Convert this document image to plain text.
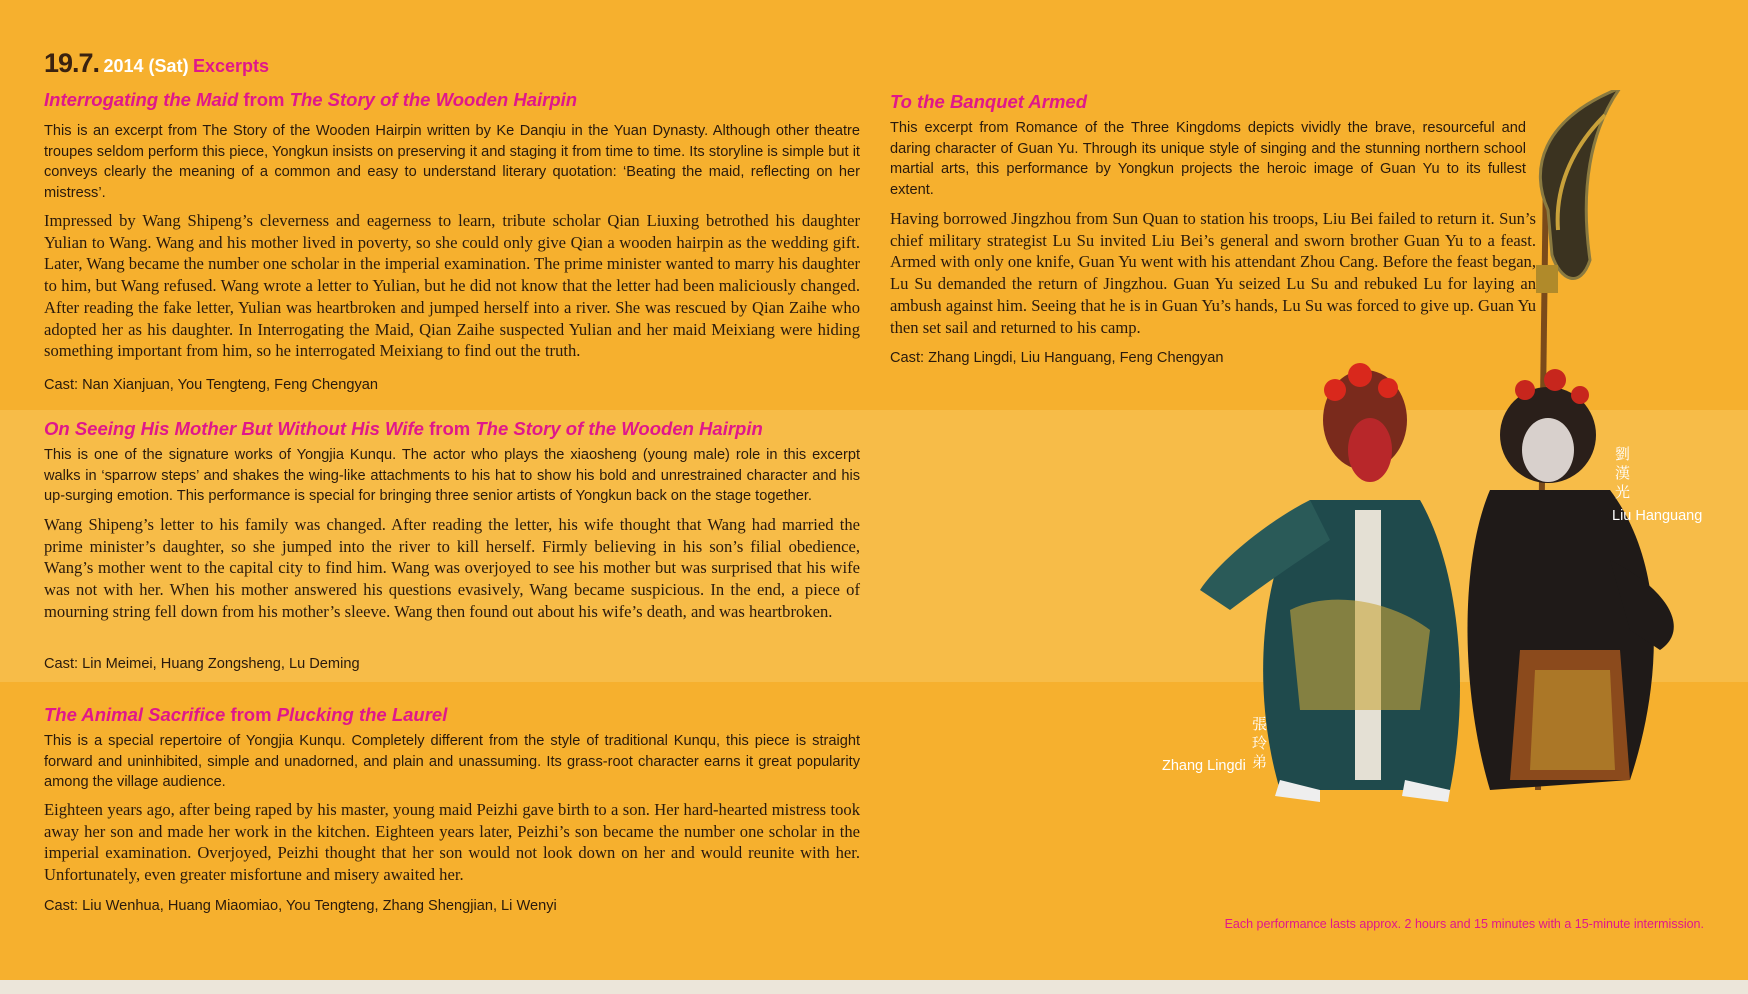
19.7. 2014 (Sat) Excerpts
Interrogating the Maid from The Story of the Wooden Hairpin
This is an excerpt from The Story of the Wooden Hairpin written by Ke Danqiu in the Yuan Dynasty. Although other theatre troupes seldom perform this piece, Yongkun insists on preserving it and staging it from time to time. Its storyline is simple but it conveys clearly the meaning of a common and easy to understand literary quotation: ‘Beating the maid, reflecting on her mistress’.
Impressed by Wang Shipeng’s cleverness and eagerness to learn, tribute scholar Qian Liuxing betrothed his daughter Yulian to Wang. Wang and his mother lived in poverty, so she could only give Qian a wooden hairpin as the wedding gift. Later, Wang became the number one scholar in the imperial examination. The prime minister wanted to marry his daughter to him, but Wang refused. Wang wrote a letter to Yulian, but he did not know that the letter had been maliciously changed. After reading the fake letter, Yulian was heartbroken and jumped herself into a river. She was rescued by Qian Zaihe who adopted her as his daughter. In Interrogating the Maid, Qian Zaihe suspected Yulian and her maid Meixiang were hiding something important from him, so he interrogated Meixiang to find out the truth.
Cast: Nan Xianjuan, You Tengteng, Feng Chengyan
On Seeing His Mother But Without His Wife from The Story of the Wooden Hairpin
This is one of the signature works of Yongjia Kunqu. The actor who plays the xiaosheng (young male) role in this excerpt walks in ‘sparrow steps’ and shakes the wing-like attachments to his hat to show his bold and unrestrained character and his up-surging emotion. This performance is special for bringing three senior artists of Yongkun back on the stage together.
Wang Shipeng’s letter to his family was changed. After reading the letter, his wife thought that Wang had married the prime minister’s daughter, so she jumped into the river to kill herself. Firmly believing in his son’s filial obedience, Wang’s mother went to the capital city to find him. Wang was overjoyed to see his mother but was surprised that his wife was not with her. When his mother answered his questions evasively, Wang became suspicious. In the end, a piece of mourning string fell down from his mother’s sleeve. Wang then found out about his wife’s death, and was heartbroken.
Cast: Lin Meimei, Huang Zongsheng, Lu Deming
The Animal Sacrifice from Plucking the Laurel
This is a special repertoire of Yongjia Kunqu. Completely different from the style of traditional Kunqu, this piece is straight forward and uninhibited, simple and unadorned, and plain and unassuming. Its grass-root character earns it great popularity among the village audience.
Eighteen years ago, after being raped by his master, young maid Peizhi gave birth to a son. Her hard-hearted mistress took away her son and made her work in the kitchen. Eighteen years later, Peizhi’s son became the number one scholar in the imperial examination. Overjoyed, Peizhi thought that her son would not look down on her and would reunite with her. Unfortunately, even greater misfortune and misery awaited her.
Cast: Liu Wenhua, Huang Miaomiao, You Tengteng, Zhang Shengjian, Li Wenyi
To the Banquet Armed
This excerpt from Romance of the Three Kingdoms depicts vividly the brave, resourceful and daring character of Guan Yu. Through its unique style of singing and the stunning northern school martial arts, this performance by Yongkun projects the heroic image of Guan Yu to its fullest extent.
Having borrowed Jingzhou from Sun Quan to station his troops, Liu Bei failed to return it. Sun’s chief military strategist Lu Su invited Liu Bei’s general and sworn brother Guan Yu to a feast. Armed with only one knife, Guan Yu went with his attendant Zhou Cang. Before the feast began, Lu Su demanded the return of Jingzhou. Guan Yu seized Lu Su and rebuked Lu for laying an ambush against him. Seeing that he is in Guan Yu’s hands, Lu Su was forced to give up. Guan Yu then set sail and returned to his camp.
Cast: Zhang Lingdi, Liu Hanguang, Feng Chengyan
劉漢光
Liu Hanguang
張玲弟
Zhang Lingdi
Each performance lasts approx. 2 hours and 15 minutes with a 15-minute intermission.
